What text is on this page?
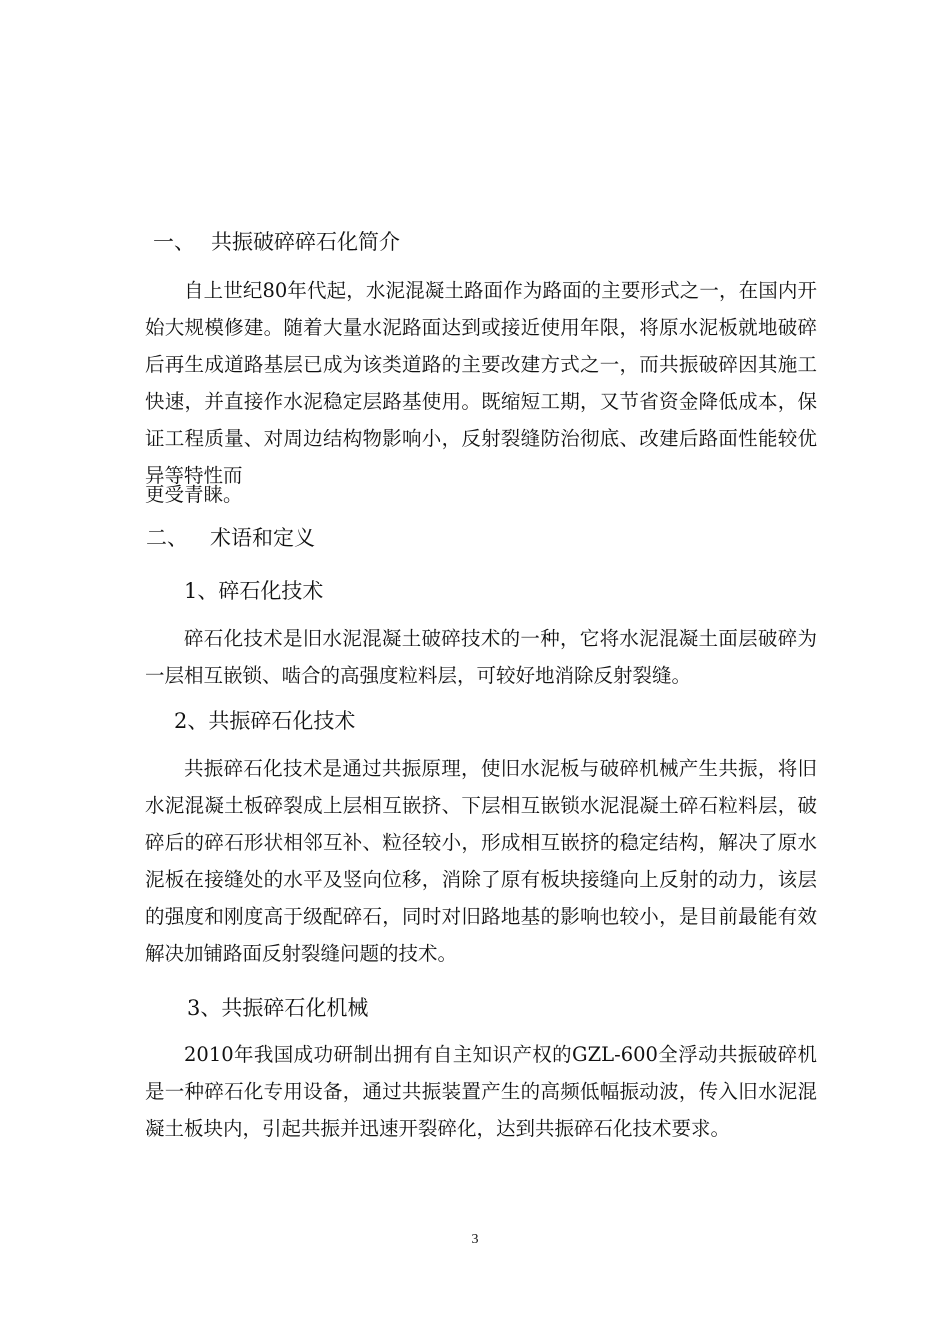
一、 共振破碎碎石化简介
自上世纪80年代起，水泥混凝土路面作为路面的主要形式之一，在国内开始大规模修建。随着大量水泥路面达到或接近使用年限，将原水泥板就地破碎后再生成道路基层已成为该类道路的主要改建方式之一，而共振破碎因其施工快速，并直接作水泥稳定层路基使用。既缩短工期，又节省资金降低成本，保证工程质量、对周边结构物影响小，反射裂缝防治彻底、改建后路面性能较优异等特性而
更受青睐。
二、 术语和定义
1、碎石化技术
碎石化技术是旧水泥混凝土破碎技术的一种，它将水泥混凝土面层破碎为一层相互嵌锁、啮合的高强度粒料层，可较好地消除反射裂缝。
2、共振碎石化技术
共振碎石化技术是通过共振原理，使旧水泥板与破碎机械产生共振，将旧水泥混凝土板碎裂成上层相互嵌挤、下层相互嵌锁水泥混凝土碎石粒料层，破碎后的碎石形状相邻互补、粒径较小，形成相互嵌挤的稳定结构，解决了原水泥板在接缝处的水平及竖向位移，消除了原有板块接缝向上反射的动力，该层的强度和刚度高于级配碎石，同时对旧路地基的影响也较小，是目前最能有效解决加铺路面反射裂缝问题的技术。
3、共振碎石化机械
2010年我国成功研制出拥有自主知识产权的GZL-600全浮动共振破碎机是一种碎石化专用设备，通过共振装置产生的高频低幅振动波，传入旧水泥混凝土板块内，引起共振并迅速开裂碎化，达到共振碎石化技术要求。
3
